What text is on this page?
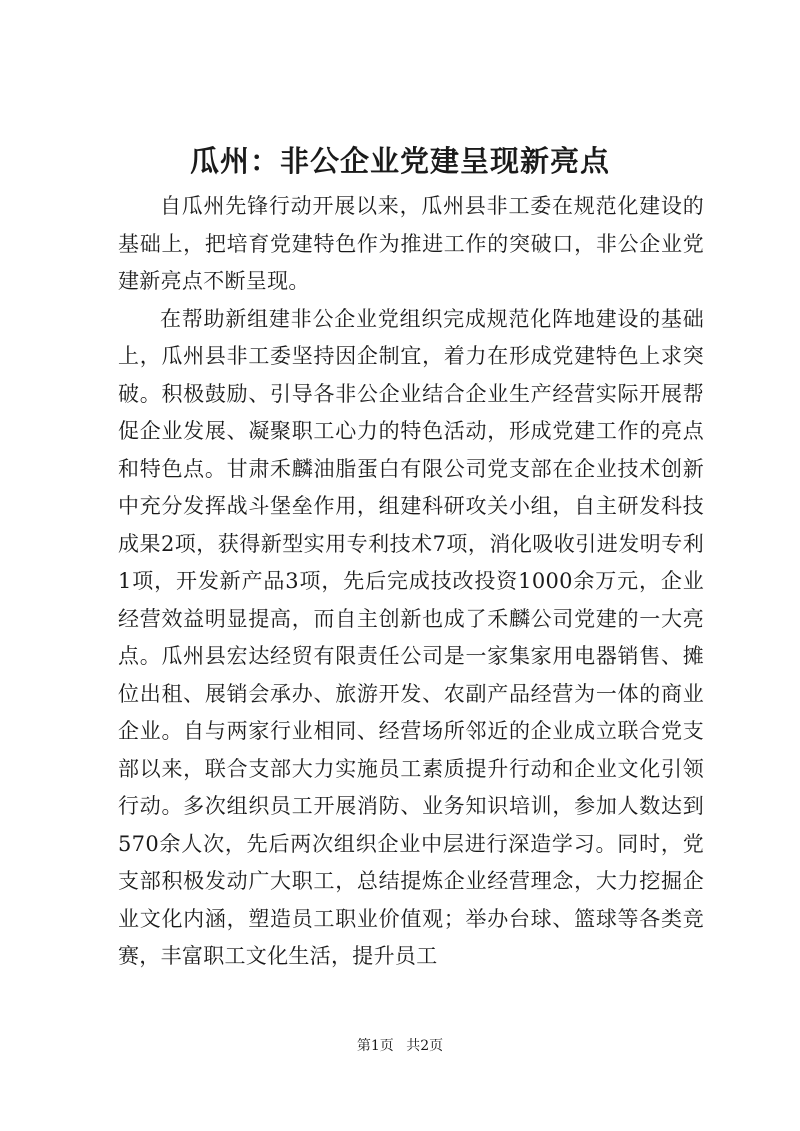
瓜州：非公企业党建呈现新亮点

自瓜州先锋行动开展以来，瓜州县非工委在规范化建设的基础上，把培育党建特色作为推进工作的突破口，非公企业党建新亮点不断呈现。

在帮助新组建非公企业党组织完成规范化阵地建设的基础上，瓜州县非工委坚持因企制宜，着力在形成党建特色上求突破。积极鼓励、引导各非公企业结合企业生产经营实际开展帮促企业发展、凝聚职工心力的特色活动，形成党建工作的亮点和特色点。甘肃禾麟油脂蛋白有限公司党支部在企业技术创新中充分发挥战斗堡垒作用，组建科研攻关小组，自主研发科技成果2项，获得新型实用专利技术7项，消化吸收引进发明专利1项，开发新产品3项，先后完成技改投资1000余万元，企业经营效益明显提高，而自主创新也成了禾麟公司党建的一大亮点。瓜州县宏达经贸有限责任公司是一家集家用电器销售、摊位出租、展销会承办、旅游开发、农副产品经营为一体的商业企业。自与两家行业相同、经营场所邻近的企业成立联合党支部以来，联合支部大力实施员工素质提升行动和企业文化引领行动。多次组织员工开展消防、业务知识培训，参加人数达到570余人次，先后两次组织企业中层进行深造学习。同时，党支部积极发动广大职工，总结提炼企业经营理念，大力挖掘企业文化内涵，塑造员工职业价值观；举办台球、篮球等各类竞赛，丰富职工文化生活，提升员工

第1页 共2页
